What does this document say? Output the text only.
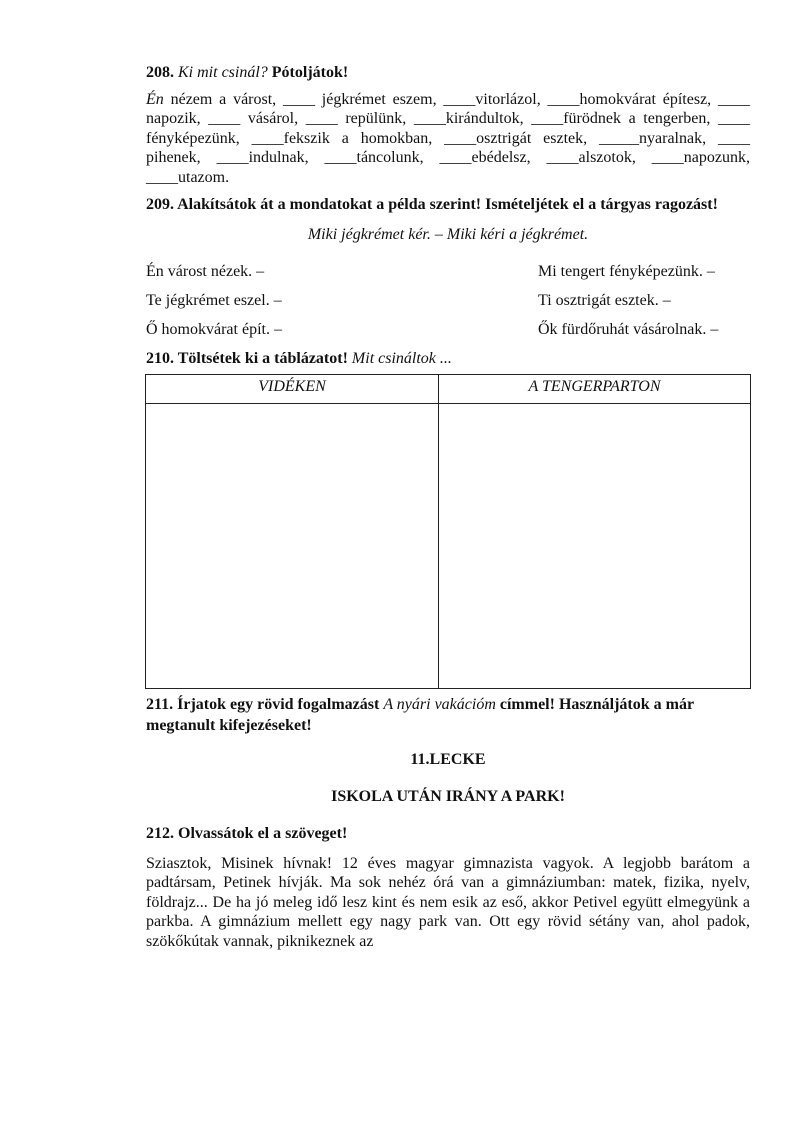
208. Ki mit csinál? Pótoljátok!

Én nézem a várost, ____ jégkrémet eszem, ____vitorlázol, ____homokvárat építesz, ____ napozik, ____ vásárol, ____ repülünk, ____kirándultok, ____fürödnek a tengerben, ____ fényképezünk, ____fekszik a homokban, ____osztrigát esztek, _____nyaralnak, ____ pihenek, ____indulnak, ____táncolunk, ____ebédelsz, ____alszotok, ____napozunk, ____utazom.

209. Alakítsátok át a mondatokat a példa szerint! Ismételjétek el a tárgyas ragozást!

Miki jégkrémet kér. – Miki kéri a jégkrémet.

Én várost nézek. –	Mi tengert fényképezünk. –
Te jégkrémet eszel. –	Ti osztrigát esztek. –
Ő homokvárat épít. –	Ők fürdőruhát vásárolnak. –

210. Töltsétek ki a táblázatot! Mit csináltok ...

VIDÉKEN	A TENGERPARTON

211. Írjatok egy rövid fogalmazást A nyári vakációm címmel! Használjátok a már megtanult kifejezéseket!

11.LECKE

ISKOLA UTÁN IRÁNY A PARK!

212. Olvassátok el a szöveget!

Sziasztok, Misinek hívnak! 12 éves magyar gimnazista vagyok. A legjobb barátom a padtársam, Petinek hívják. Ma sok nehéz órá van a gimnáziumban: matek, fizika, nyelv, földrajz... De ha jó meleg idő lesz kint és nem esik az eső, akkor Petivel együtt elmegyünk a parkba. A gimnázium mellett egy nagy park van. Ott egy rövid sétány van, ahol padok, szökőkútak vannak, piknikeznek az
